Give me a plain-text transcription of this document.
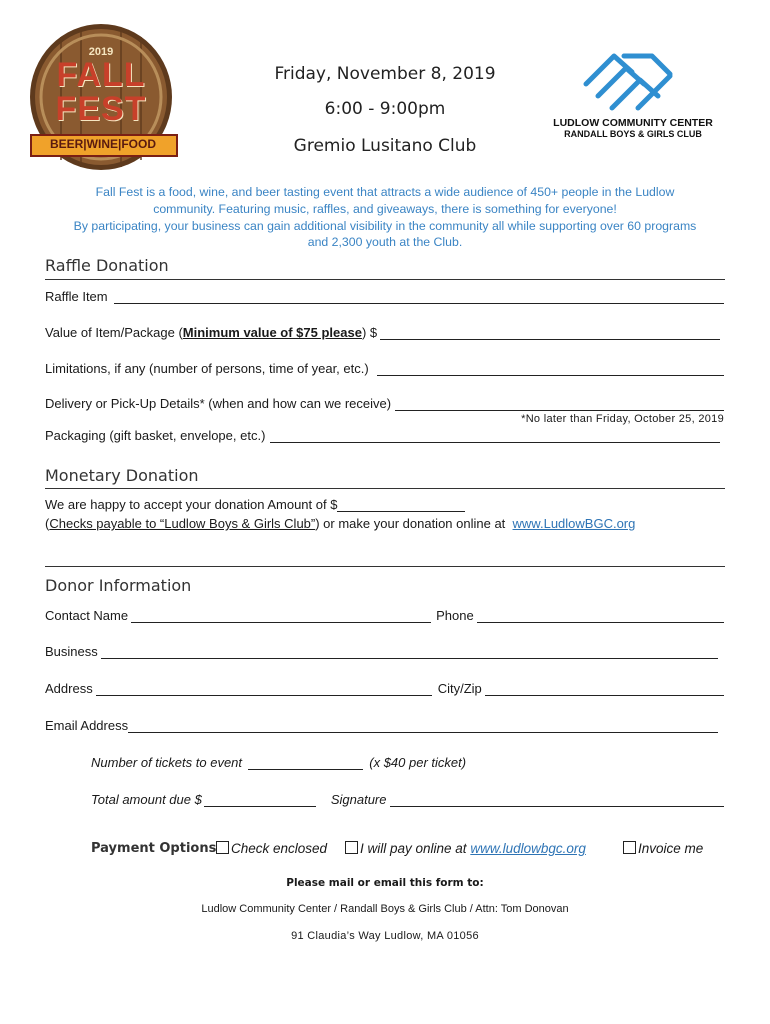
2019
FALL
FEST
BEER|WINE|FOOD
Friday, November 8, 2019
6:00 - 9:00pm
Gremio Lusitano Club
LUDLOW COMMUNITY CENTER
RANDALL BOYS & GIRLS CLUB
Fall Fest is a food, wine, and beer tasting event that attracts a wide audience of 450+ people in the Ludlow
community. Featuring music, raffles, and giveaways, there is something for everyone!
By participating, your business can gain additional visibility in the community all while supporting over 60 programs
and 2,300 youth at the Club.
Raffle Donation
Raffle Item
Value of Item/Package (Minimum value of $75 please) $
Limitations, if any (number of persons, time of year, etc.)
Delivery or Pick-Up Details* (when and how can we receive)
*No later than Friday, October 25, 2019
Packaging (gift basket, envelope, etc.)
Monetary Donation
We are happy to accept your donation Amount of $
(Checks payable to “Ludlow Boys & Girls Club”) or make your donation online at www.LudlowBGC.org
Donor Information
Contact Name	Phone
Business
Address	City/Zip
Email Address
Number of tickets to event	(x $40 per ticket)
Total amount due $	Signature
Payment Options	Check enclosed	I will pay online at www.ludlowbgc.org	Invoice me
Please mail or email this form to:
Ludlow Community Center / Randall Boys & Girls Club / Attn: Tom Donovan
91 Claudia’s Way Ludlow, MA 01056
